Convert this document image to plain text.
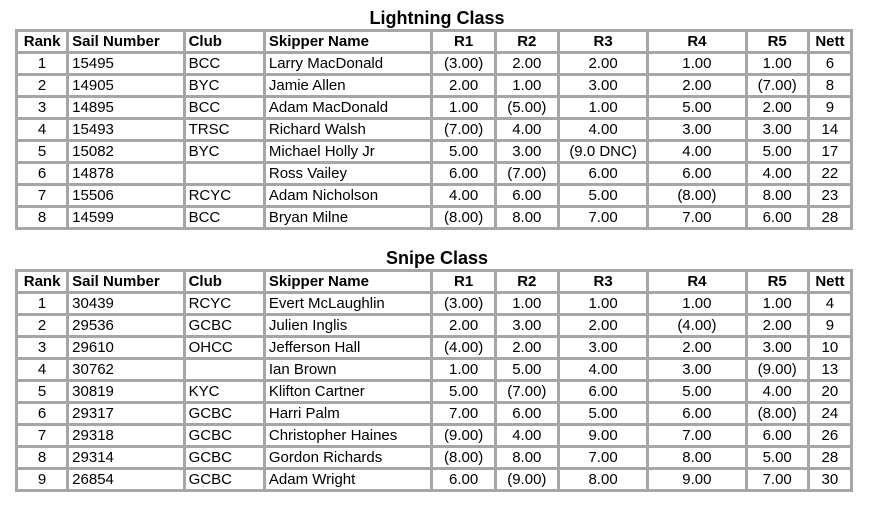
Lightning Class
Rank	Sail Number	Club	Skipper Name	R1	R2	R3	R4	R5	Nett
1	15495	BCC	Larry MacDonald	(3.00)	2.00	2.00	1.00	1.00	6
2	14905	BYC	Jamie Allen	2.00	1.00	3.00	2.00	(7.00)	8
3	14895	BCC	Adam MacDonald	1.00	(5.00)	1.00	5.00	2.00	9
4	15493	TRSC	Richard Walsh	(7.00)	4.00	4.00	3.00	3.00	14
5	15082	BYC	Michael Holly Jr	5.00	3.00	(9.0 DNC)	4.00	5.00	17
6	14878		Ross Vailey	6.00	(7.00)	6.00	6.00	4.00	22
7	15506	RCYC	Adam Nicholson	4.00	6.00	5.00	(8.00)	8.00	23
8	14599	BCC	Bryan Milne	(8.00)	8.00	7.00	7.00	6.00	28
Snipe Class
Rank	Sail Number	Club	Skipper Name	R1	R2	R3	R4	R5	Nett
1	30439	RCYC	Evert McLaughlin	(3.00)	1.00	1.00	1.00	1.00	4
2	29536	GCBC	Julien Inglis	2.00	3.00	2.00	(4.00)	2.00	9
3	29610	OHCC	Jefferson Hall	(4.00)	2.00	3.00	2.00	3.00	10
4	30762		Ian Brown	1.00	5.00	4.00	3.00	(9.00)	13
5	30819	KYC	Klifton Cartner	5.00	(7.00)	6.00	5.00	4.00	20
6	29317	GCBC	Harri Palm	7.00	6.00	5.00	6.00	(8.00)	24
7	29318	GCBC	Christopher Haines	(9.00)	4.00	9.00	7.00	6.00	26
8	29314	GCBC	Gordon Richards	(8.00)	8.00	7.00	8.00	5.00	28
9	26854	GCBC	Adam Wright	6.00	(9.00)	8.00	9.00	7.00	30
